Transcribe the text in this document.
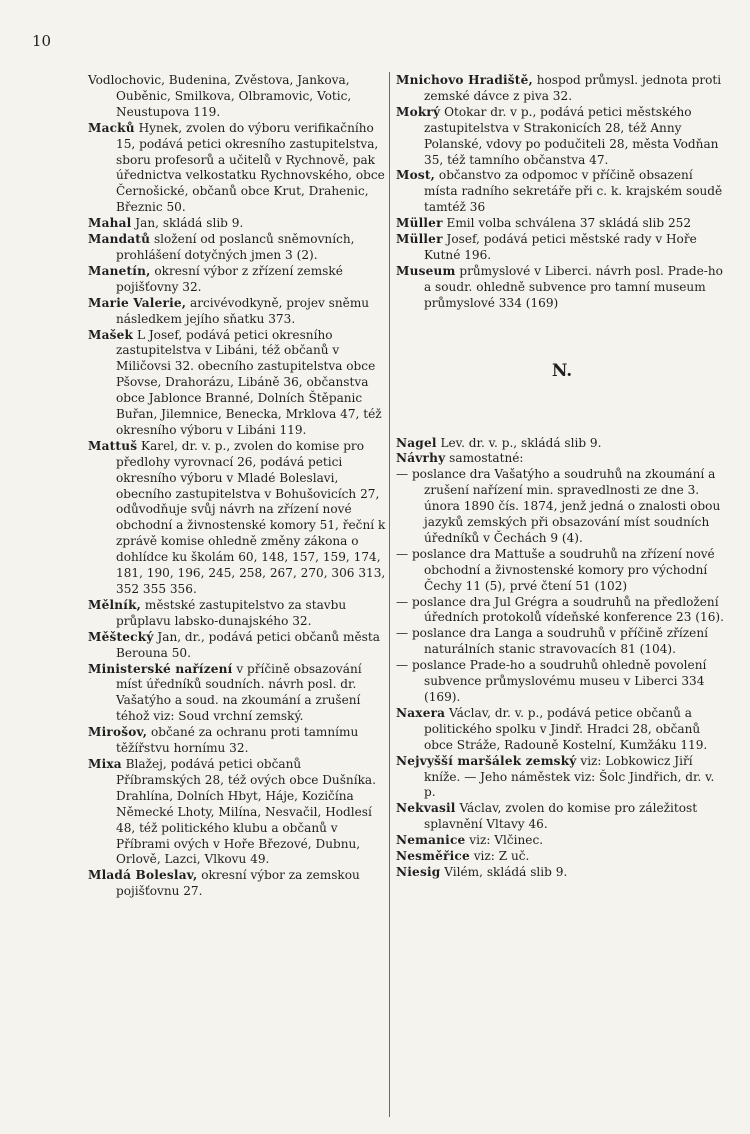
10

Vodlochovic, Budenina, Zvěstova, Jankova, Ouběnic, Smilkova, Olbramovic, Votic, Neustupova 119.

Macků Hynek, zvolen do výboru verifikačního 15, podává petici okresního zastupitelstva, sboru profesorů a učitelů v Rychnově, pak úřednictva velkostatku Rychnovského, obce Černošické, občanů obce Krut, Drahenic, Březnic 50.

Mahal Jan, skládá slib 9.

Mandatů složení od poslanců sněmovních, prohlášení dotyčných jmen 3 (2).

Manetín, okresní výbor z zřízení zemské pojišťovny 32.

Marie Valerie, arcivévodkyně, projev sněmu následkem jejího sňatku 373.

Mašek L Josef, podává petici okresního zastupitelstva v Libáni, též občanů v Miličovsi 32. obecního zastupitelstva obce Pšovse, Drahorázu, Libáně 36, občanstva obce Jablonce Branné, Dolních Štěpanic Buřan, Jilemnice, Benecka, Mrklova 47, též okresního výboru v Libáni 119.

Mattuš Karel, dr. v. p., zvolen do komise pro předlohy vyrovnací 26, podává petici okresního výboru v Mladé Boleslavi, obecního zastupitelstva v Bohušovicích 27, odůvodňuje svůj návrh na zřízení nové obchodní a živnostenské komory 51, řeční k zprávě komise ohledně změny zákona o dohlídce ku školám 60, 148, 157, 159, 174, 181, 190, 196, 245, 258, 267, 270, 306 313, 352 355 356.

Mělník, městské zastupitelstvo za stavbu průplavu labsko-dunajského 32.

Měštecký Jan, dr., podává petici občanů města Berouna 50.

Ministerské nařízení v příčině obsazování míst úředníků soudních. návrh posl. dr. Vašatýho a soud. na zkoumání a zrušení téhož viz: Soud vrchní zemský.

Mirošov, občané za ochranu proti tamnímu těžířstvu hornímu 32.

Mixa Blažej, podává petici občanů Příbramských 28, též ových obce Dušníka. Drahlína, Dolních Hbyt, Háje, Kozičína Německé Lhoty, Milína, Nesvačil, Hodlesí 48, též politického klubu a občanů v Příbrami ových v Hoře Březové, Dubnu, Orlově, Lazci, Vlkovu 49.

Mladá Boleslav, okresní výbor za zemskou pojišťovnu 27.

Mnichovo Hradiště, hospod průmysl. jednota proti zemské dávce z piva 32.

Mokrý Otokar dr. v p., podává petici městského zastupitelstva v Strakonicích 28, též Anny Polanské, vdovy po podučiteli 28, města Vodňan 35, též tamního občanstva 47.

Most, občanstvo za odpomoc v příčině obsazení místa radního sekretáře při c. k. krajském soudě tamtéž 36

Müller Emil volba schválena 37 skládá slib 252

Müller Josef, podává petici městské rady v Hoře Kutné 196.

Museum průmyslové v Liberci. návrh posl. Prade-ho a soudr. ohledně subvence pro tamní museum průmyslové 334 (169)

N.

Nagel Lev. dr. v. p., skládá slib 9.

Návrhy samostatné:

— poslance dra Vašatýho a soudruhů na zkoumání a zrušení nařízení min. spravedlnosti ze dne 3. února 1890 čís. 1874, jenž jedná o znalosti obou jazyků zemských při obsazování míst soudních úředníků v Čechách 9 (4).

— poslance dra Mattuše a soudruhů na zřízení nové obchodní a živnostenské komory pro východní Čechy 11 (5), prvé čtení 51 (102)

— poslance dra Jul Grégra a soudruhů na předložení úředních protokolů vídeňské konference 23 (16).

— poslance dra Langa a soudruhů v příčině zřízení naturálních stanic stravovacích 81 (104).

— poslance Prade-ho a soudruhů ohledně povolení subvence průmyslovému museu v Liberci 334 (169).

Naxera Václav, dr. v. p., podává petice občanů a politického spolku v Jindř. Hradci 28, občanů obce Stráže, Radouně Kostelní, Kumžáku 119.

Nejvyšší maršálek zemský viz: Lobkowicz Jiří kníže. — Jeho náměstek viz: Šolc Jindřich, dr. v. p.

Nekvasil Václav, zvolen do komise pro záležitost splavnění Vltavy 46.

Nemanice viz: Vlčinec.

Nesměřice viz: Z uč.

Niesig Vilém, skládá slib 9.
